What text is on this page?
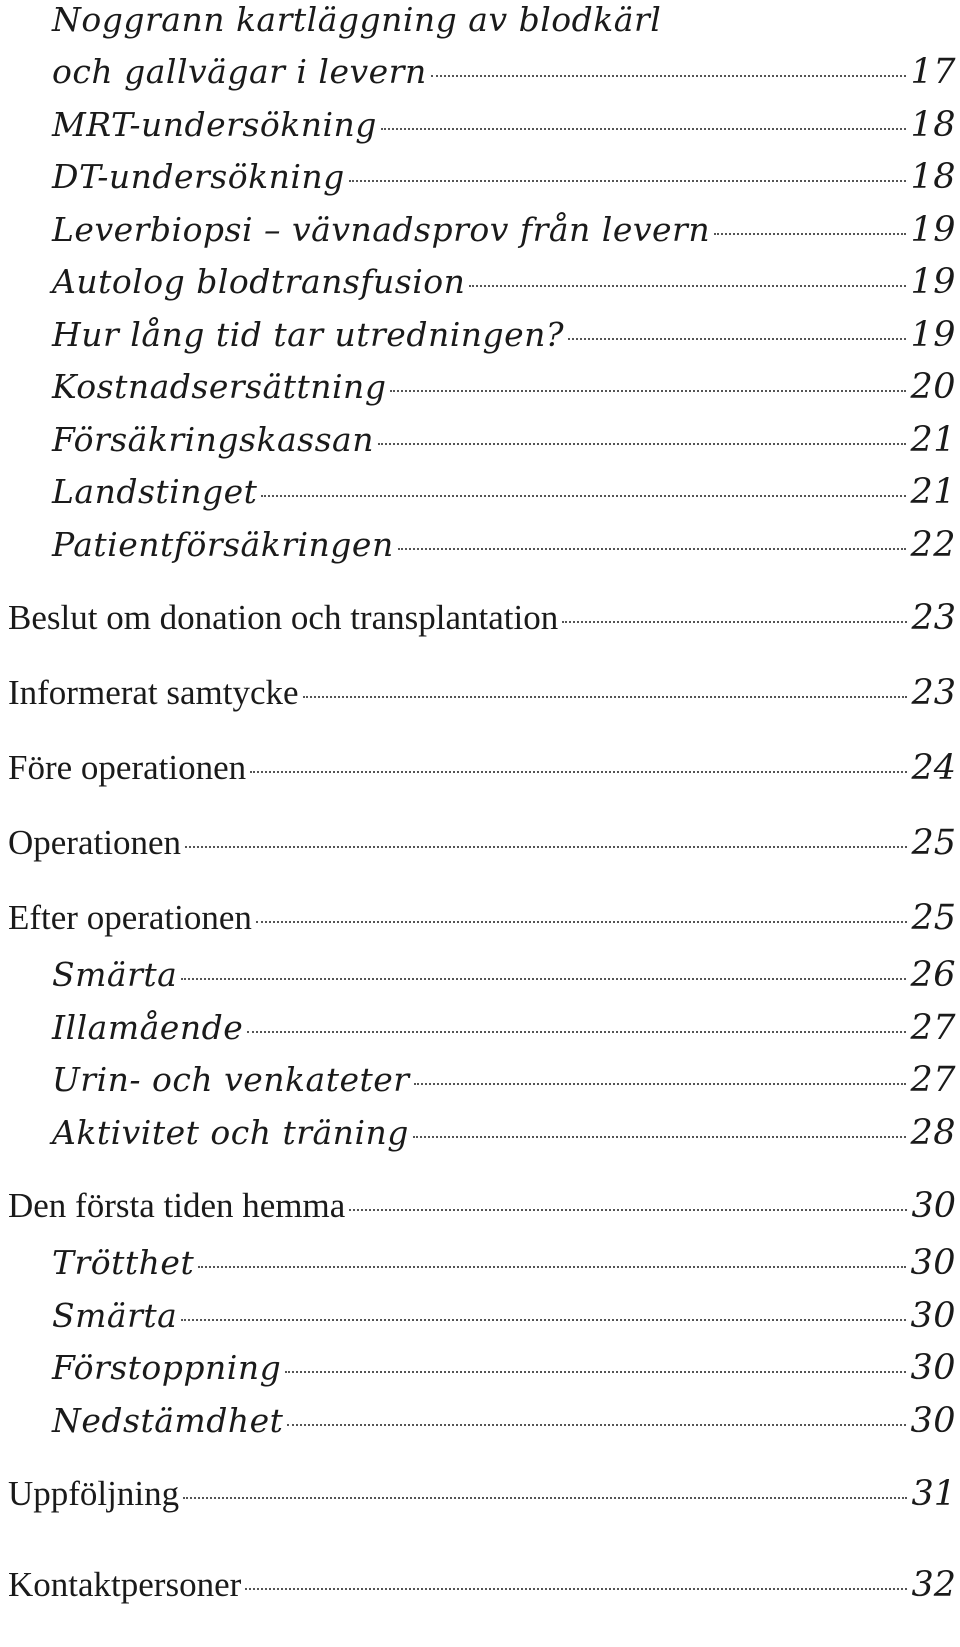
Noggrann kartläggning av blodkärl
och gallvägar i levern	17
MRT-undersökning	18
DT-undersökning	18
Leverbiopsi – vävnadsprov från levern	19
Autolog blodtransfusion	19
Hur lång tid tar utredningen?	19
Kostnadsersättning	20
Försäkringskassan	21
Landstinget	21
Patientförsäkringen	22
Beslut om donation och transplantation	23
Informerat samtycke	23
Före operationen	24
Operationen	25
Efter operationen	25
Smärta	26
Illamående	27
Urin- och venkateter	27
Aktivitet och träning	28
Den första tiden hemma	30
Trötthet	30
Smärta	30
Förstoppning	30
Nedstämdhet	30
Uppföljning	31
Kontaktpersoner	32
